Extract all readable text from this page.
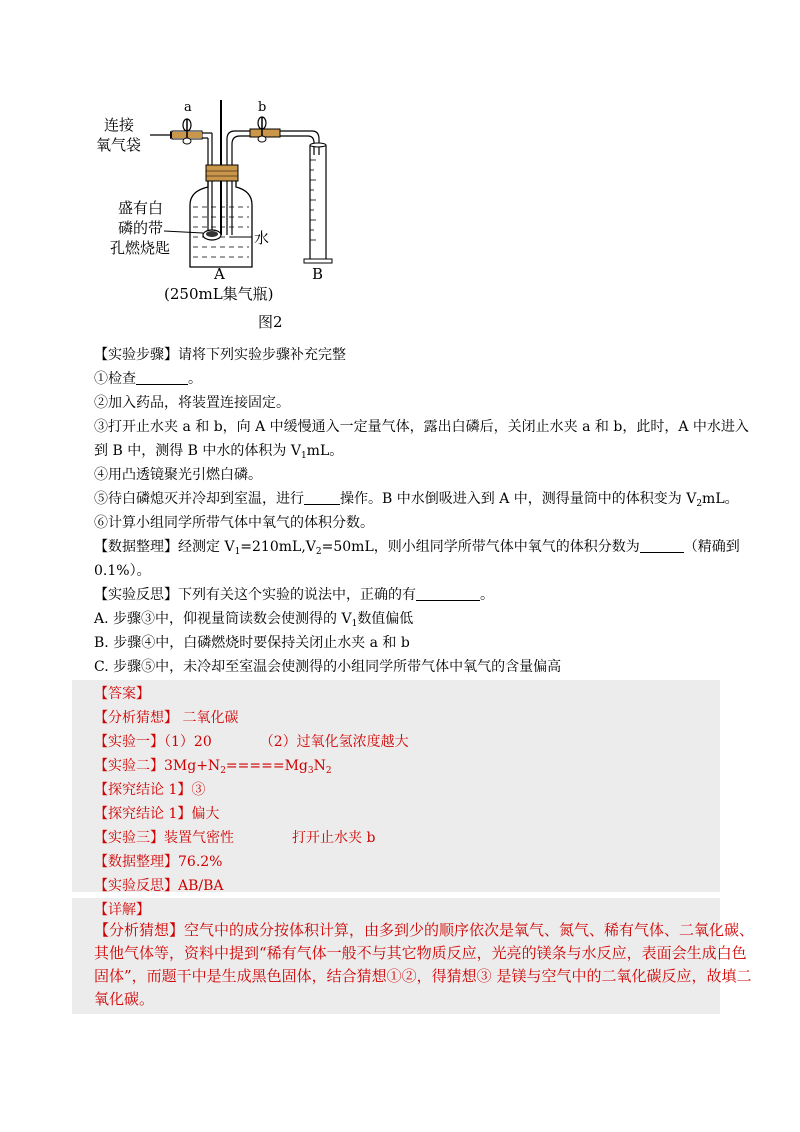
连接
氧气袋
a	b
盛有白
磷的带
孔燃烧匙
水
A	B
(250mL集气瓶)
图2
【实验步骤】请将下列实验步骤补充完整
①检查	。
②加入药品，将装置连接固定。
③打开止水夹 a 和 b，向 A 中缓慢通入一定量气体，露出白磷后，关闭止水夹 a 和 b，此时，A 中水进入
到 B 中，测得 B 中水的体积为 $V_1mL$。
④用凸透镜聚光引燃白磷。
⑤待白磷熄灭并冷却到室温，进行	操作。B 中水倒吸进入到 A 中，测得量筒中的体积变为 $V_2mL$。
⑥计算小组同学所带气体中氧气的体积分数。
【数据整理】经测定 $V_1=210mL,V_2=50mL$，则小组同学所带气体中氧气的体积分数为	（精确到
0.1%）。
【实验反思】下列有关这个实验的说法中，正确的有	。
A. 步骤③中，仰视量筒读数会使测得的 $V_1$数值偏低
B. 步骤④中，白磷燃烧时要保持关闭止水夹 a 和 b
C. 步骤⑤中，未冷却至室温会使测得的小组同学所带气体中氧气的含量偏高
【答案】
【分析猜想】 二氧化碳
【实验一】（1）20	（2）过氧化氢浓度越大
【实验二】$3Mg+N_2=====Mg_3N_2$
【探究结论 1】③
【探究结论 1】偏大
【实验三】装置气密性	打开止水夹 b
【数据整理】76.2%
【实验反思】AB/BA
【详解】
【分析猜想】空气中的成分按体积计算，由多到少的顺序依次是氧气、氮气、稀有气体、二氧化碳、
其他气体等，资料中提到“稀有气体一般不与其它物质反应，光亮的镁条与水反应，表面会生成白色
固体”，而题干中是生成黑色固体，结合猜想①②，得猜想③ 是镁与空气中的二氧化碳反应，故填二
氧化碳。
